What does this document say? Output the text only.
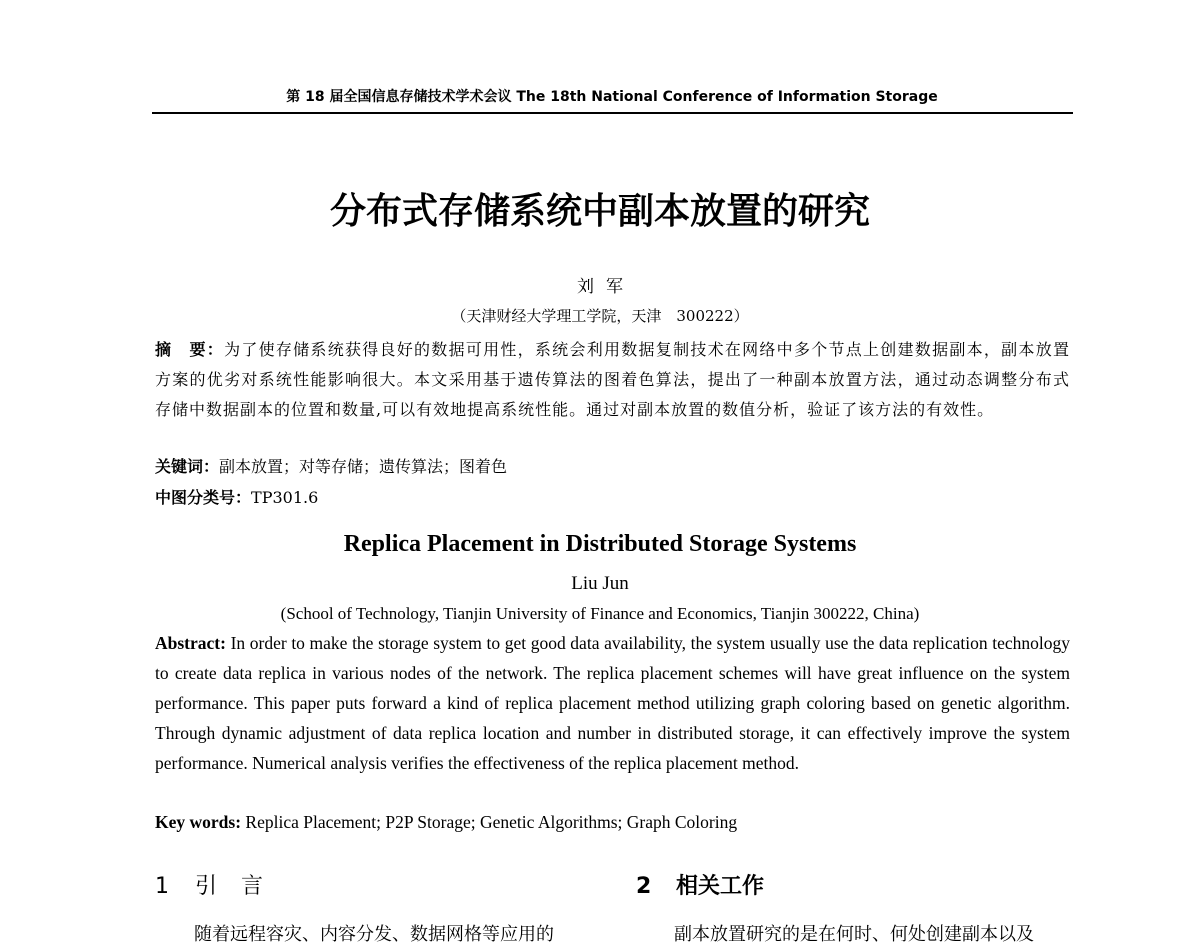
第 18 届全国信息存储技术学术会议 The 18th National Conference of Information Storage
分布式存储系统中副本放置的研究
刘军
（天津财经大学理工学院，天津　300222）
摘　要：为了使存储系统获得良好的数据可用性，系统会利用数据复制技术在网络中多个节点上创建数据副本，副本放置方案的优劣对系统性能影响很大。本文采用基于遗传算法的图着色算法，提出了一种副本放置方法，通过动态调整分布式存储中数据副本的位置和数量,可以有效地提高系统性能。通过对副本放置的数值分析，验证了该方法的有效性。
关键词：副本放置；对等存储；遗传算法；图着色
中图分类号：TP301.6
Replica Placement in Distributed Storage Systems
Liu Jun
(School of Technology, Tianjin University of Finance and Economics, Tianjin 300222, China)
Abstract: In order to make the storage system to get good data availability, the system usually use the data replication technology to create data replica in various nodes of the network. The replica placement schemes will have great influence on the system performance. This paper puts forward a kind of replica placement method utilizing graph coloring based on genetic algorithm. Through dynamic adjustment of data replica location and number in distributed storage, it can effectively improve the system performance. Numerical analysis verifies the effectiveness of the replica placement method.
Key words: Replica Placement; P2P Storage; Genetic Algorithms; Graph Coloring
1 引言	2 相关工作
随着远程容灾、内容分发、数据网格等应用的	副本放置研究的是在何时、何处创建副本以及
